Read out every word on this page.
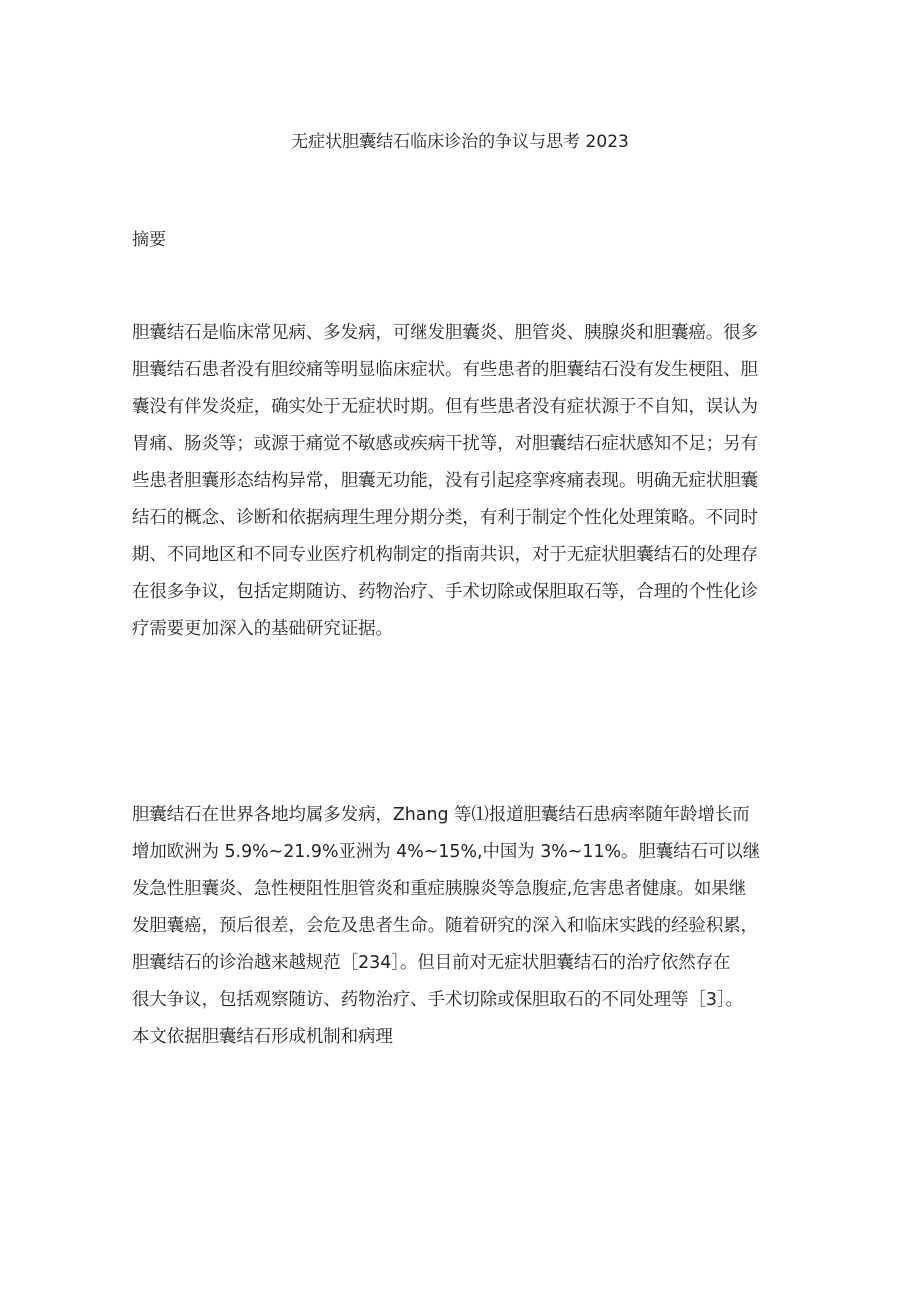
无症状胆囊结石临床诊治的争议与思考 2023
摘要
胆囊结石是临床常见病、多发病，可继发胆囊炎、胆管炎、胰腺炎和胆囊癌。很多
胆囊结石患者没有胆绞痛等明显临床症状。有些患者的胆囊结石没有发生梗阻、胆
囊没有伴发炎症，确实处于无症状时期。但有些患者没有症状源于不自知，误认为
胃痛、肠炎等；或源于痛觉不敏感或疾病干扰等，对胆囊结石症状感知不足；另有
些患者胆囊形态结构异常，胆囊无功能，没有引起痉挛疼痛表现。明确无症状胆囊
结石的概念、诊断和依据病理生理分期分类，有利于制定个性化处理策略。不同时
期、不同地区和不同专业医疗机构制定的指南共识，对于无症状胆囊结石的处理存
在很多争议，包括定期随访、药物治疗、手术切除或保胆取石等，合理的个性化诊
疗需要更加深入的基础研究证据。
胆囊结石在世界各地均属多发病，Zhang 等⑴报道胆囊结石患病率随年龄增长而
增加欧洲为 5.9%~21.9%亚洲为 4%~15%,中国为 3%~11%。胆囊结石可以继
发急性胆囊炎、急性梗阻性胆管炎和重症胰腺炎等急腹症,危害患者健康。如果继
发胆囊癌，预后很差，会危及患者生命。随着研究的深入和临床实践的经验积累，
胆囊结石的诊治越来越规范［234］。但目前对无症状胆囊结石的治疗依然存在
很大争议，包括观察随访、药物治疗、手术切除或保胆取石的不同处理等［3］。
本文依据胆囊结石形成机制和病理
